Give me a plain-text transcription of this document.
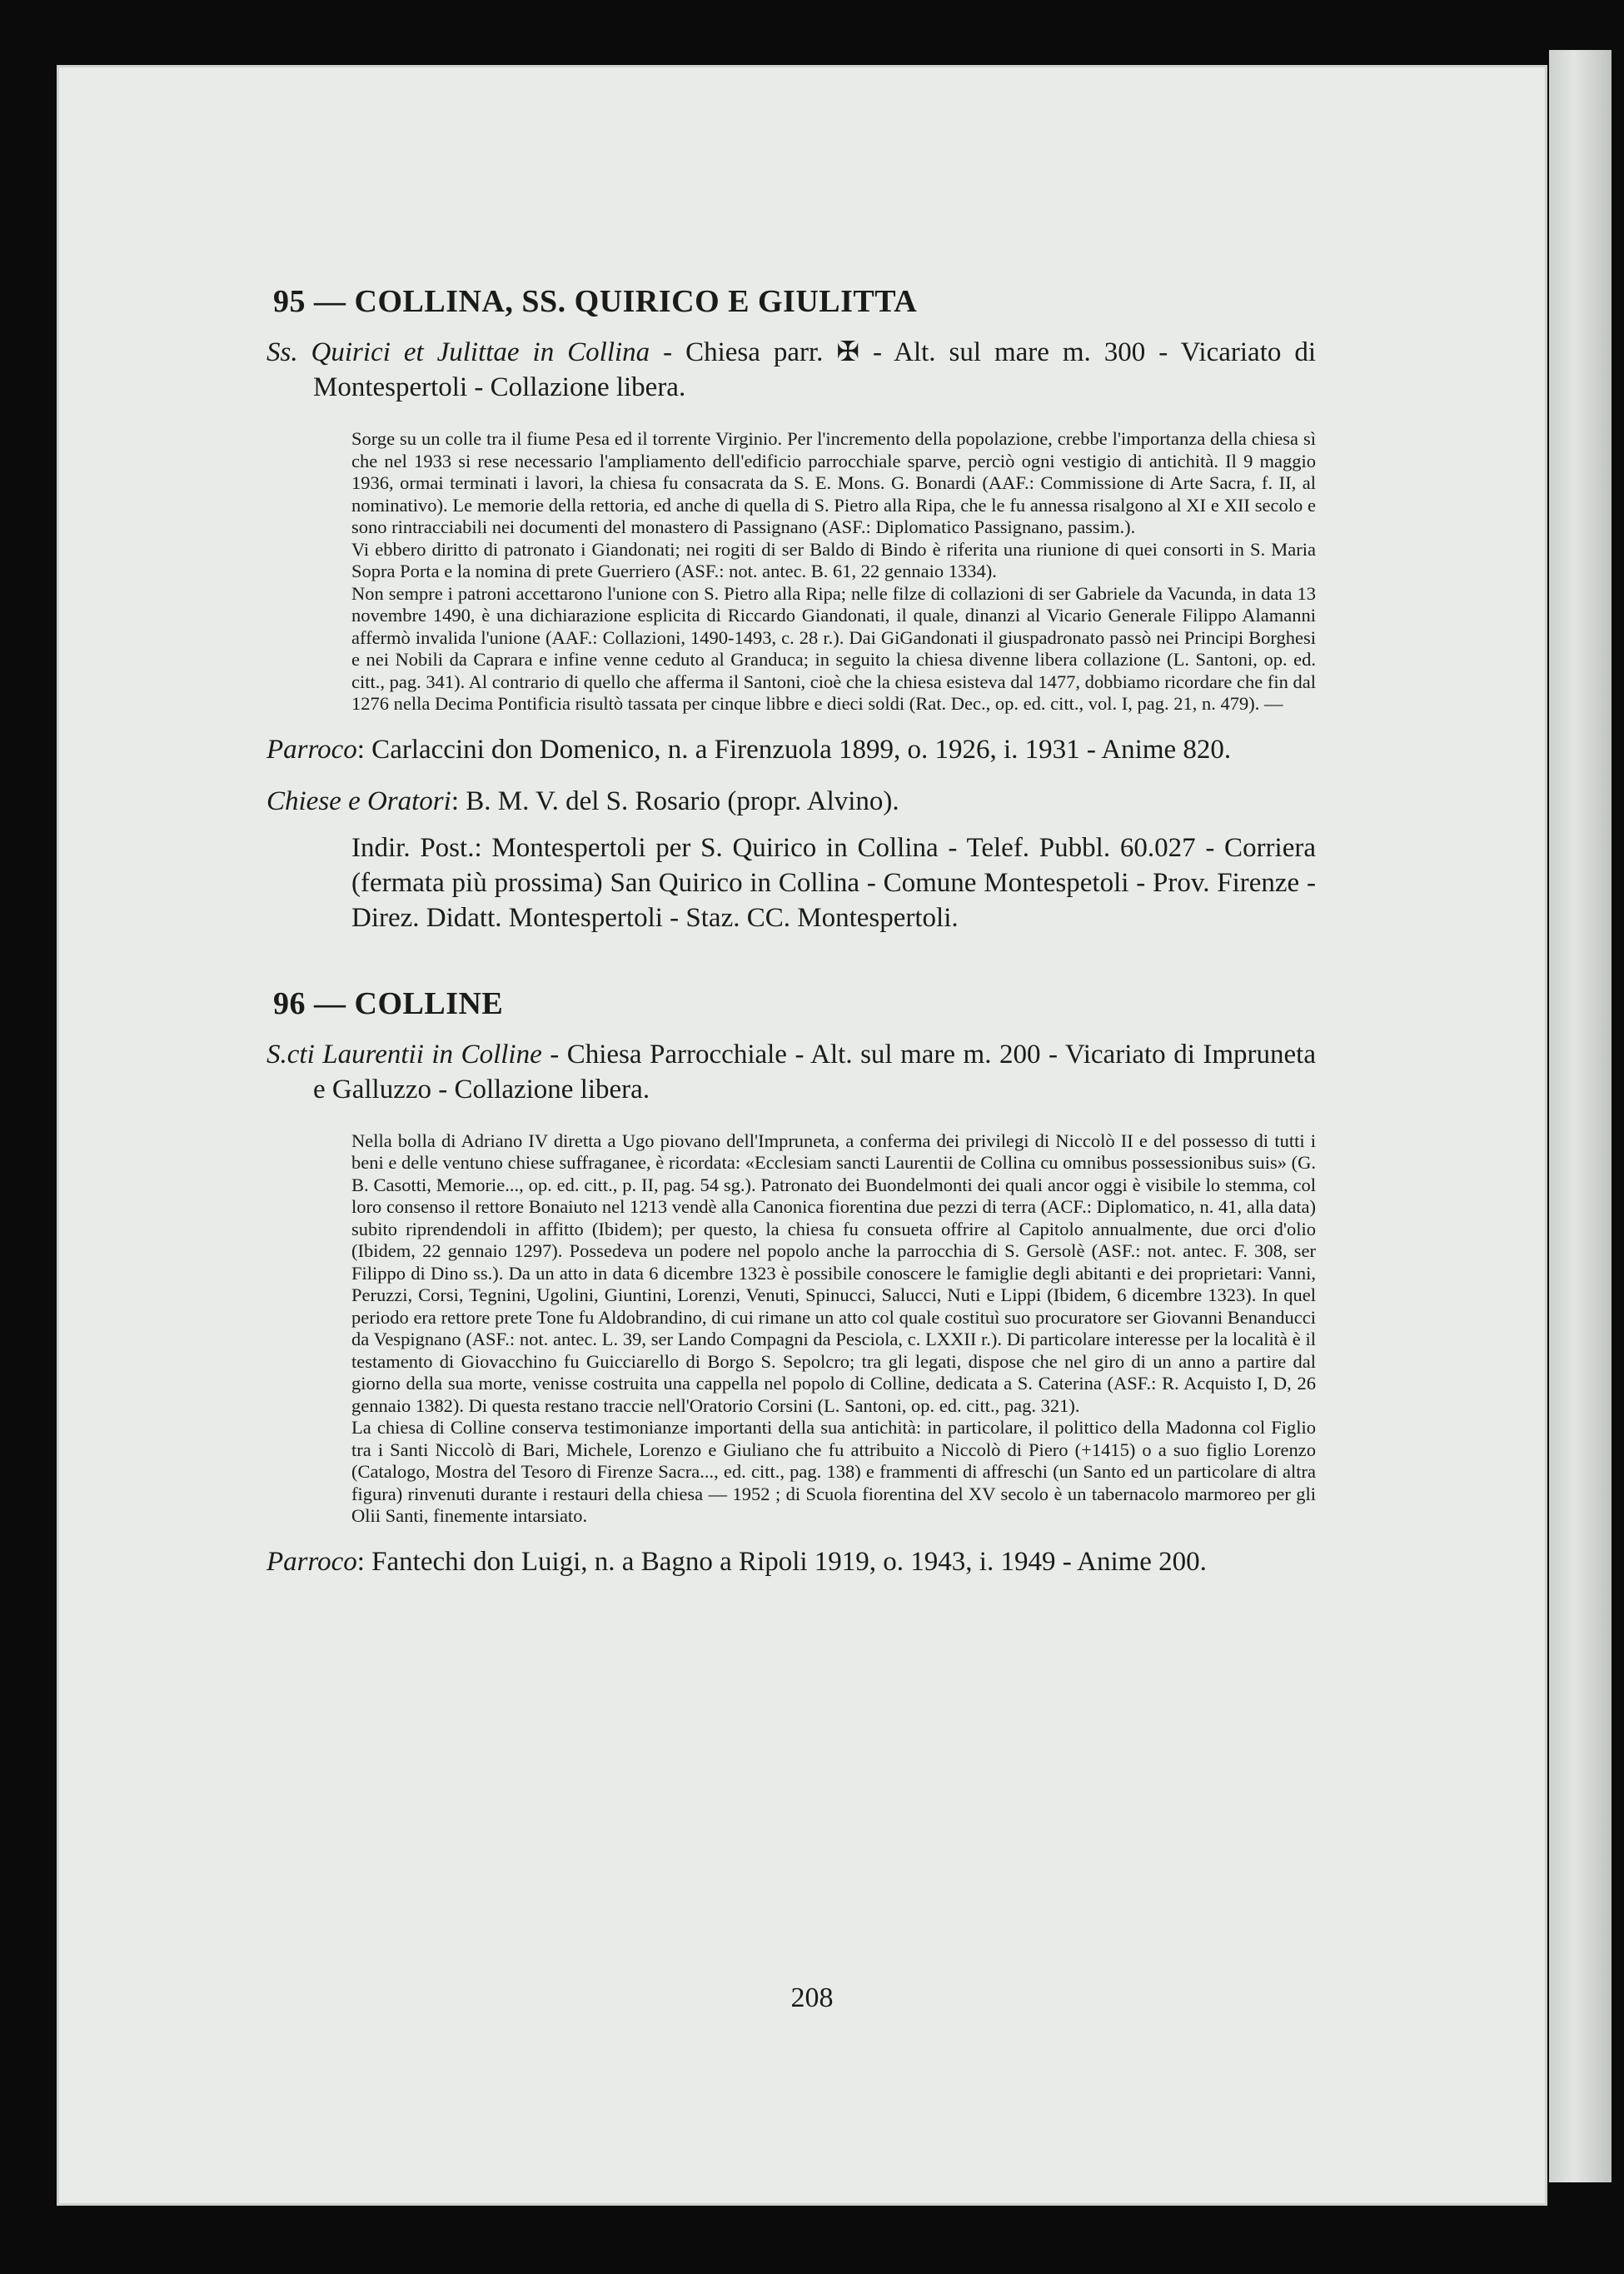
95 — COLLINA, SS. QUIRICO E GIULITTA
Ss. Quirici et Julittae in Collina - Chiesa parr. ✠ - Alt. sul mare m. 300 - Vicariato di Montespertoli - Collazione libera.

Sorge su un colle tra il fiume Pesa ed il torrente Virginio. Per l'incremento della popolazione, crebbe l'importanza della chiesa sì che nel 1933 si rese necessario l'ampliamento dell'edificio parrocchiale sparve, perciò ogni vestigio di antichità. Il 9 maggio 1936, ormai terminati i lavori, la chiesa fu consacrata da S. E. Mons. G. Bonardi (AAF.: Commissione di Arte Sacra, f. II, al nominativo). Le memorie della rettoria, ed anche di quella di S. Pietro alla Ripa, che le fu annessa risalgono al XI e XII secolo e sono rintracciabili nei documenti del monastero di Passignano (ASF.: Diplomatico Passignano, passim.).

Vi ebbero diritto di patronato i Giandonati; nei rogiti di ser Baldo di Bindo è riferita una riunione di quei consorti in S. Maria Sopra Porta e la nomina di prete Guerriero (ASF.: not. antec. B. 61, 22 gennaio 1334).

Non sempre i patroni accettarono l'unione con S. Pietro alla Ripa; nelle filze di collazioni di ser Gabriele da Vacunda, in data 13 novembre 1490, è una dichiarazione esplicita di Riccardo Giandonati, il quale, dinanzi al Vicario Generale Filippo Alamanni affermò invalida l'unione (AAF.: Collazioni, 1490-1493, c. 28 r.). Dai GiGandonati il giuspadronato passò nei Principi Borghesi e nei Nobili da Caprara e infine venne ceduto al Granduca; in seguito la chiesa divenne libera collazione (L. Santoni, op. ed. citt., pag. 341). Al contrario di quello che afferma il Santoni, cioè che la chiesa esisteva dal 1477, dobbiamo ricordare che fin dal 1276 nella Decima Pontificia risultò tassata per cinque libbre e dieci soldi (Rat. Dec., op. ed. citt., vol. I, pag. 21, n. 479). —

Parroco: Carlaccini don Domenico, n. a Firenzuola 1899, o. 1926, i. 1931 - Anime 820.
Chiese e Oratori: B. M. V. del S. Rosario (propr. Alvino).
Indir. Post.: Montespertoli per S. Quirico in Collina - Telef. Pubbl. 60.027 - Corriera (fermata più prossima) San Quirico in Collina - Comune Montespetoli - Prov. Firenze - Direz. Didatt. Montespertoli - Staz. CC. Montespertoli.
96 — COLLINE
S.cti Laurentii in Colline - Chiesa Parrocchiale - Alt. sul mare m. 200 - Vicariato di Impruneta e Galluzzo - Collazione libera.

Nella bolla di Adriano IV diretta a Ugo piovano dell'Impruneta, a conferma dei privilegi di Niccolò II e del possesso di tutti i beni e delle ventuno chiese suffraganee, è ricordata: «Ecclesiam sancti Laurentii de Collina cu omnibus possessionibus suis» (G. B. Casotti, Memorie..., op. ed. citt., p. II, pag. 54 sg.). Patronato dei Buondelmonti dei quali ancor oggi è visibile lo stemma, col loro consenso il rettore Bonaiuto nel 1213 vendè alla Canonica fiorentina due pezzi di terra (ACF.: Diplomatico, n. 41, alla data) subito riprendendoli in affitto (Ibidem); per questo, la chiesa fu consueta offrire al Capitolo annualmente, due orci d'olio (Ibidem, 22 gennaio 1297). Possedeva un podere nel popolo anche la parrocchia di S. Gersolè (ASF.: not. antec. F. 308, ser Filippo di Dino ss.). Da un atto in data 6 dicembre 1323 è possibile conoscere le famiglie degli abitanti e dei proprietari: Vanni, Peruzzi, Corsi, Tegnini, Ugolini, Giuntini, Lorenzi, Venuti, Spinucci, Salucci, Nuti e Lippi (Ibidem, 6 dicembre 1323). In quel periodo era rettore prete Tone fu Aldobrandino, di cui rimane un atto col quale costituì suo procuratore ser Giovanni Benanducci da Vespignano (ASF.: not. antec. L. 39, ser Lando Compagni da Pesciola, c. LXXII r.). Di particolare interesse per la località è il testamento di Giovacchino fu Guicciarello di Borgo S. Sepolcro; tra gli legati, dispose che nel giro di un anno a partire dal giorno della sua morte, venisse costruita una cappella nel popolo di Colline, dedicata a S. Caterina (ASF.: R. Acquisto I, D, 26 gennaio 1382). Di questa restano traccie nell'Oratorio Corsini (L. Santoni, op. ed. citt., pag. 321).

La chiesa di Colline conserva testimonianze importanti della sua antichità: in particolare, il polittico della Madonna col Figlio tra i Santi Niccolò di Bari, Michele, Lorenzo e Giuliano che fu attribuito a Niccolò di Piero (+1415) o a suo figlio Lorenzo (Catalogo, Mostra del Tesoro di Firenze Sacra..., ed. citt., pag. 138) e frammenti di affreschi (un Santo ed un particolare di altra figura) rinvenuti durante i restauri della chiesa — 1952 ; di Scuola fiorentina del XV secolo è un tabernacolo marmoreo per gli Olii Santi, finemente intarsiato.

Parroco: Fantechi don Luigi, n. a Bagno a Ripoli 1919, o. 1943, i. 1949 - Anime 200.
208
